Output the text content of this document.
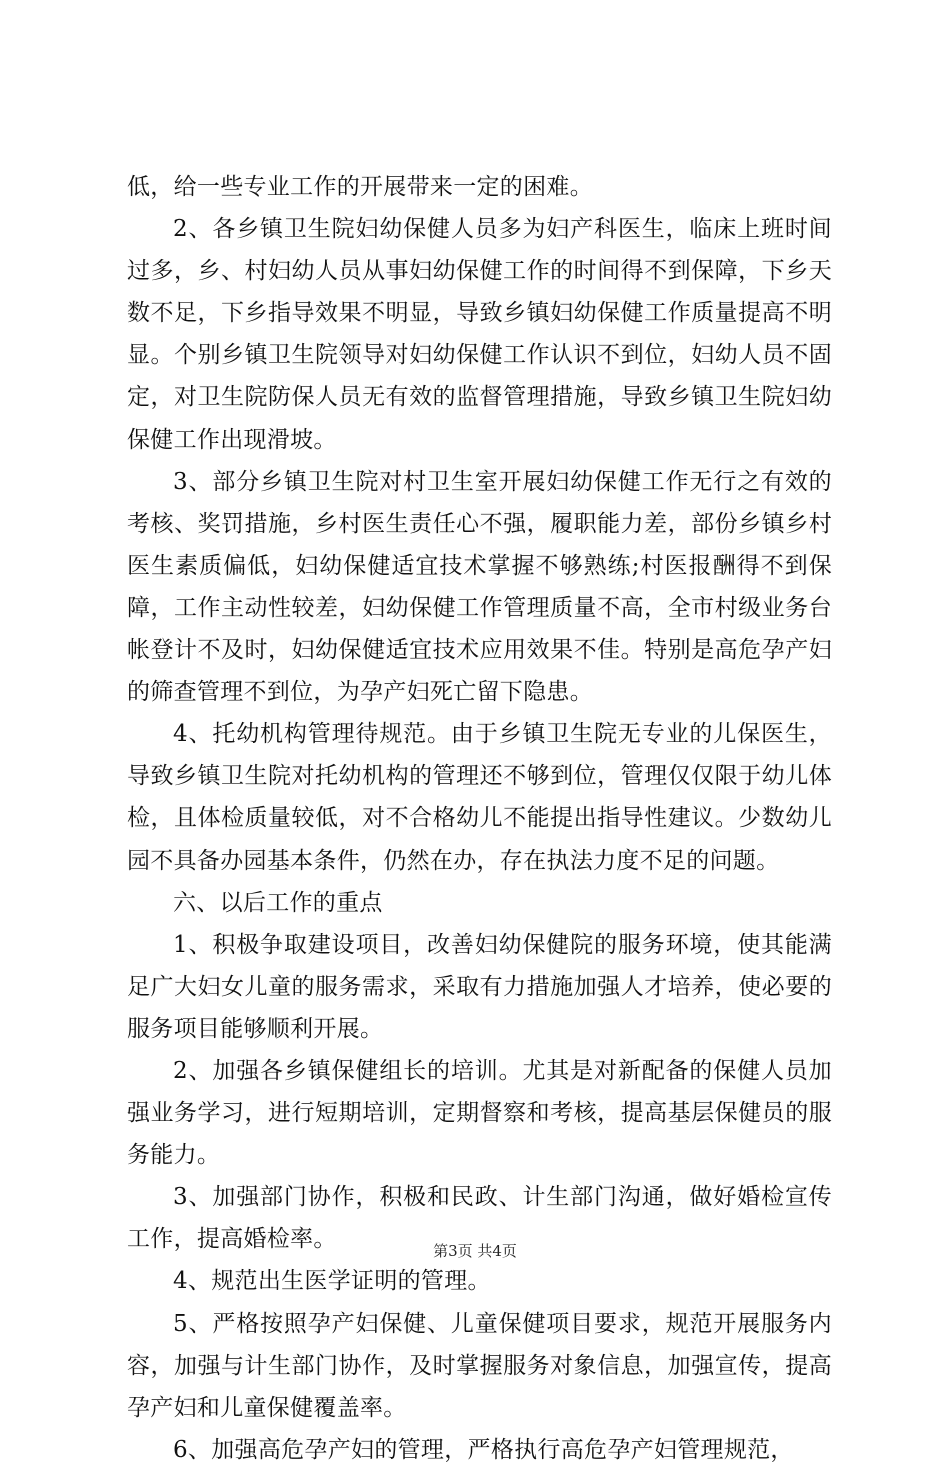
低，给一些专业工作的开展带来一定的困难。

2、各乡镇卫生院妇幼保健人员多为妇产科医生，临床上班时间过多，乡、村妇幼人员从事妇幼保健工作的时间得不到保障，下乡天数不足，下乡指导效果不明显，导致乡镇妇幼保健工作质量提高不明显。个别乡镇卫生院领导对妇幼保健工作认识不到位，妇幼人员不固定，对卫生院防保人员无有效的监督管理措施，导致乡镇卫生院妇幼保健工作出现滑坡。

3、部分乡镇卫生院对村卫生室开展妇幼保健工作无行之有效的考核、奖罚措施，乡村医生责任心不强，履职能力差，部份乡镇乡村医生素质偏低，妇幼保健适宜技术掌握不够熟练;村医报酬得不到保障，工作主动性较差，妇幼保健工作管理质量不高，全市村级业务台帐登计不及时，妇幼保健适宜技术应用效果不佳。特别是高危孕产妇的筛查管理不到位，为孕产妇死亡留下隐患。

4、托幼机构管理待规范。由于乡镇卫生院无专业的儿保医生，导致乡镇卫生院对托幼机构的管理还不够到位，管理仅仅限于幼儿体检，且体检质量较低，对不合格幼儿不能提出指导性建议。少数幼儿园不具备办园基本条件，仍然在办，存在执法力度不足的问题。

六、以后工作的重点

1、积极争取建设项目，改善妇幼保健院的服务环境，使其能满足广大妇女儿童的服务需求，采取有力措施加强人才培养，使必要的服务项目能够顺利开展。

2、加强各乡镇保健组长的培训。尤其是对新配备的保健人员加强业务学习，进行短期培训，定期督察和考核，提高基层保健员的服务能力。

3、加强部门协作，积极和民政、计生部门沟通，做好婚检宣传工作，提高婚检率。

4、规范出生医学证明的管理。

5、严格按照孕产妇保健、儿童保健项目要求，规范开展服务内容，加强与计生部门协作，及时掌握服务对象信息，加强宣传，提高孕产妇和儿童保健覆盖率。

6、加强高危孕产妇的管理，严格执行高危孕产妇管理规范，

第3页 共4页
